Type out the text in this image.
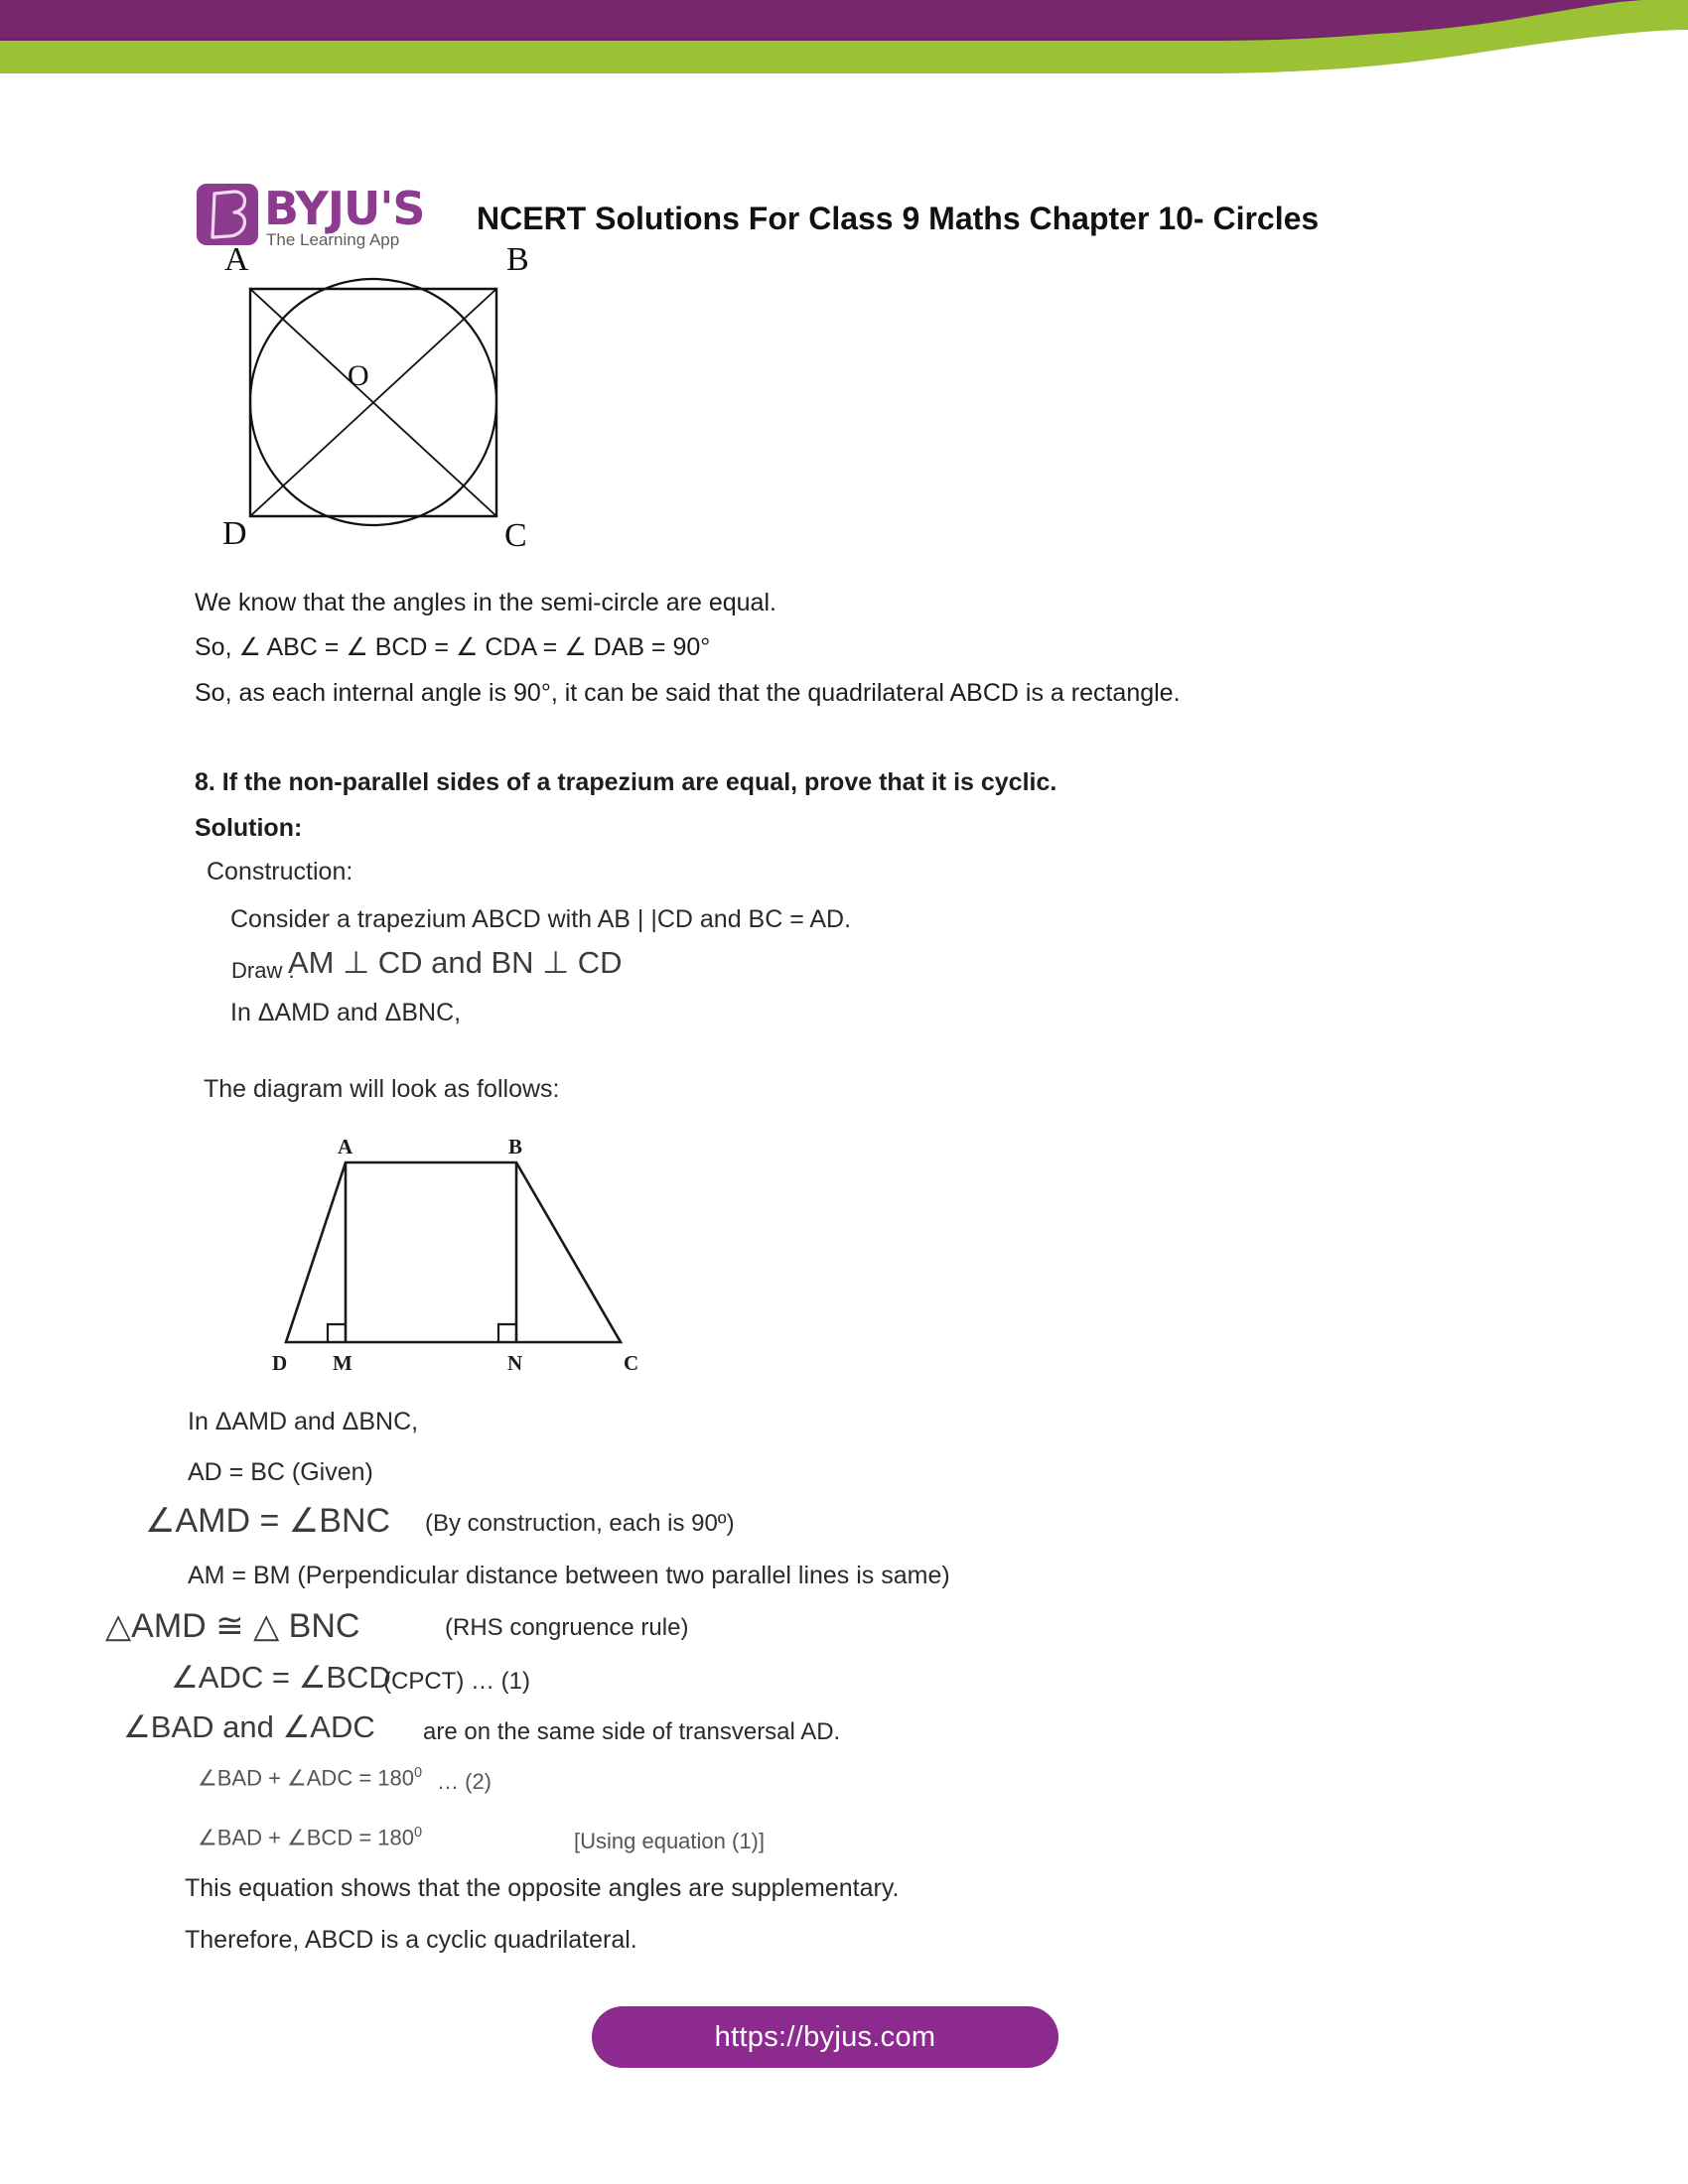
BYJU'S
The Learning App
NCERT Solutions For Class 9 Maths Chapter 10- Circles
A	B
D	C
O
We know that the angles in the semi-circle are equal.
So, ∠ ABC = ∠ BCD = ∠ CDA = ∠ DAB = 90°
So, as each internal angle is 90°, it can be said that the quadrilateral ABCD is a rectangle.
8. If the non-parallel sides of a trapezium are equal, prove that it is cyclic.
Solution:
Construction:
Consider a trapezium ABCD with AB | |CD and BC = AD.
Draw .
AM ⊥ CD and BN ⊥ CD
In ΔAMD and ΔBNC,
The diagram will look as follows:
A	B
D M	N	C
In ΔAMD and ΔBNC,
AD = BC (Given)
∠AMD = ∠BNC (By construction, each is 90º)
AM = BM (Perpendicular distance between two parallel lines is same)
△AMD ≅ △ BNC	(RHS congruence rule)
∠ADC = ∠BCD
(CPCT) … (1)
∠BAD and ∠ADC are on the same side of transversal AD.
∠BAD + ∠ADC = $180^0$ … (2)
∠BAD + ∠BCD = $180^0$	[Using equation (1)]
This equation shows that the opposite angles are supplementary.
Therefore, ABCD is a cyclic quadrilateral.
https://byjus.com
